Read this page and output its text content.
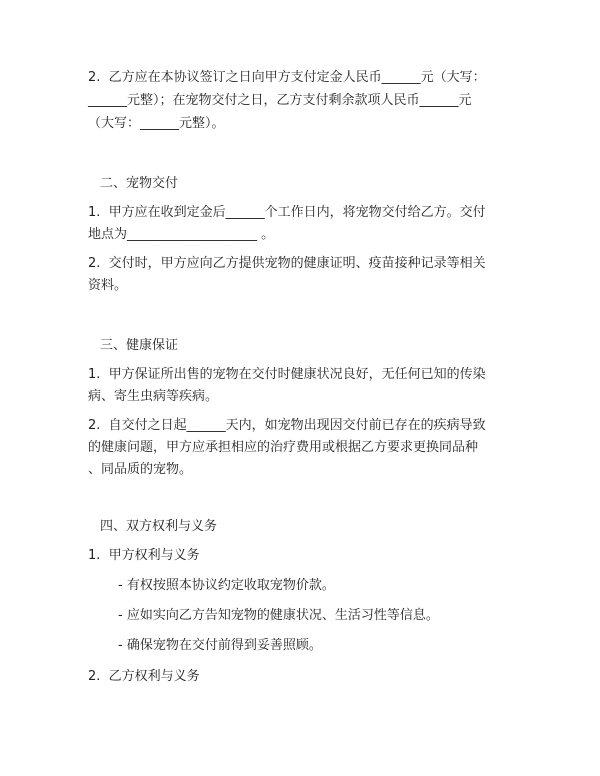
2.  乙方应在本协议签订之日向甲方支付定金人民币______元（大写：
______元整）；在宠物交付之日，乙方支付剩余款项人民币______元
（大写：______元整）。
二、宠物交付
1.  甲方应在收到定金后______个工作日内，将宠物交付给乙方。交付
地点为____________________ 。
2.  交付时，甲方应向乙方提供宠物的健康证明、疫苗接种记录等相关
资料。
三、健康保证
1.  甲方保证所出售的宠物在交付时健康状况良好，无任何已知的传染
病、寄生虫病等疾病。
2.  自交付之日起______天内，如宠物出现因交付前已存在的疾病导致
的健康问题，甲方应承担相应的治疗费用或根据乙方要求更换同品种
、同品质的宠物。
四、双方权利与义务
1.  甲方权利与义务
- 有权按照本协议约定收取宠物价款。
- 应如实向乙方告知宠物的健康状况、生活习性等信息。
- 确保宠物在交付前得到妥善照顾。
2.  乙方权利与义务
